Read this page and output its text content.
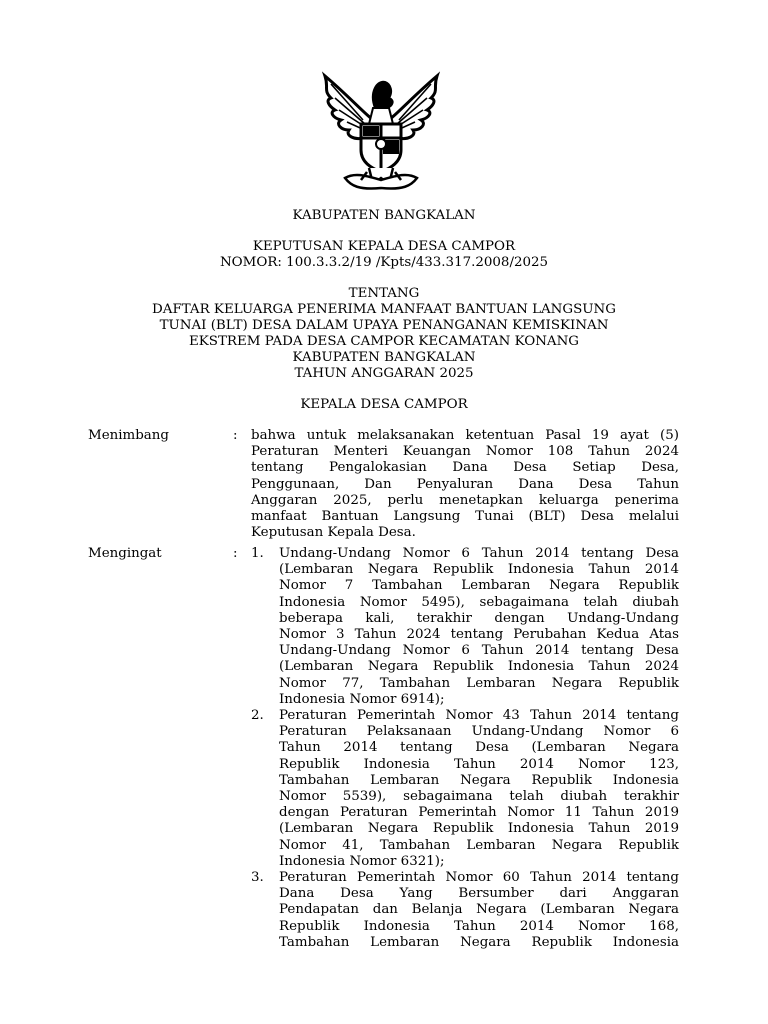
KABUPATEN BANGKALAN
KEPUTUSAN KEPALA DESA CAMPOR
NOMOR: 100.3.3.2/19 /Kpts/433.317.2008/2025
TENTANG
DAFTAR KELUARGA PENERIMA MANFAAT BANTUAN LANGSUNG
TUNAI (BLT) DESA DALAM UPAYA PENANGANAN KEMISKINAN
EKSTREM PADA DESA CAMPOR KECAMATAN KONANG
KABUPATEN BANGKALAN
TAHUN ANGGARAN 2025
KEPALA DESA CAMPOR
Menimbang	: bahwa untuk melaksanakan ketentuan Pasal 19 ayat (5)
Peraturan Menteri Keuangan Nomor 108 Tahun 2024
tentang Pengalokasian Dana Desa Setiap Desa,
Penggunaan, Dan Penyaluran Dana Desa Tahun
Anggaran 2025, perlu menetapkan keluarga penerima
manfaat Bantuan Langsung Tunai (BLT) Desa melalui
Keputusan Kepala Desa.
Mengingat	: 1. Undang-Undang Nomor 6 Tahun 2014 tentang Desa
(Lembaran Negara Republik Indonesia Tahun 2014
Nomor 7 Tambahan Lembaran Negara Republik
Indonesia Nomor 5495), sebagaimana telah diubah
beberapa kali, terakhir dengan Undang-Undang
Nomor 3 Tahun 2024 tentang Perubahan Kedua Atas
Undang-Undang Nomor 6 Tahun 2014 tentang Desa
(Lembaran Negara Republik Indonesia Tahun 2024
Nomor 77, Tambahan Lembaran Negara Republik
Indonesia Nomor 6914);
2. Peraturan Pemerintah Nomor 43 Tahun 2014 tentang
Peraturan Pelaksanaan Undang-Undang Nomor 6
Tahun 2014 tentang Desa (Lembaran Negara
Republik Indonesia Tahun 2014 Nomor 123,
Tambahan Lembaran Negara Republik Indonesia
Nomor 5539), sebagaimana telah diubah terakhir
dengan Peraturan Pemerintah Nomor 11 Tahun 2019
(Lembaran Negara Republik Indonesia Tahun 2019
Nomor 41, Tambahan Lembaran Negara Republik
Indonesia Nomor 6321);
3. Peraturan Pemerintah Nomor 60 Tahun 2014 tentang
Dana Desa Yang Bersumber dari Anggaran
Pendapatan dan Belanja Negara (Lembaran Negara
Republik Indonesia Tahun 2014 Nomor 168,
Tambahan Lembaran Negara Republik Indonesia
